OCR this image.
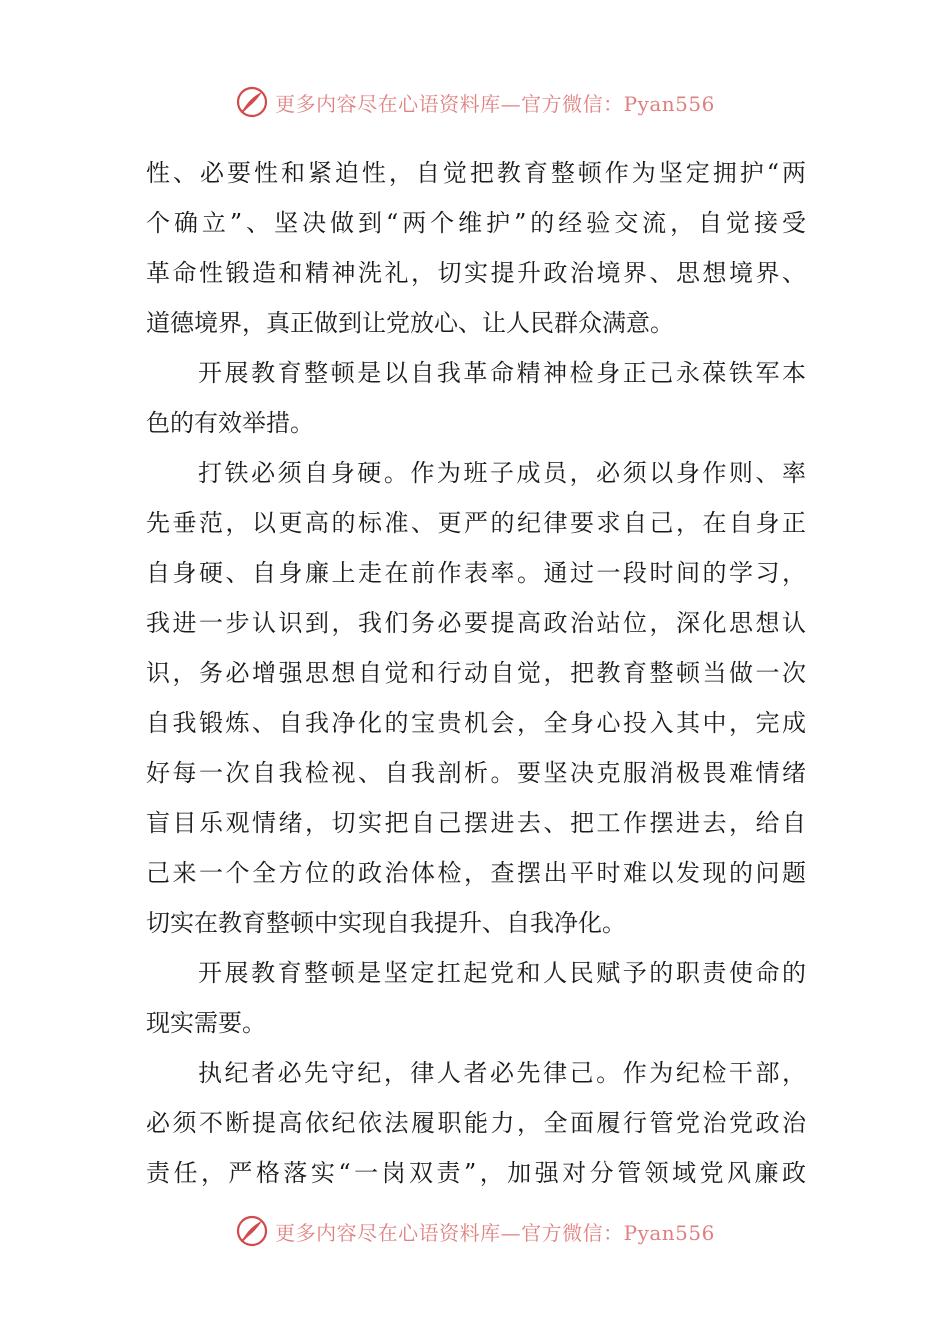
更多内容尽在心语资料库—官方微信：Pyan556
性、必要性和紧迫性，自觉把教育整顿作为坚定拥护“两
个确立”、坚决做到“两个维护”的经验交流，自觉接受
革命性锻造和精神洗礼，切实提升政治境界、思想境界、
道德境界，真正做到让党放心、让人民群众满意。
开展教育整顿是以自我革命精神检身正己永葆铁军本
色的有效举措。
打铁必须自身硬。作为班子成员，必须以身作则、率
先垂范，以更高的标准、更严的纪律要求自己，在自身正
自身硬、自身廉上走在前作表率。通过一段时间的学习，
我进一步认识到，我们务必要提高政治站位，深化思想认
识，务必增强思想自觉和行动自觉，把教育整顿当做一次
自我锻炼、自我净化的宝贵机会，全身心投入其中，完成
好每一次自我检视、自我剖析。要坚决克服消极畏难情绪
盲目乐观情绪，切实把自己摆进去、把工作摆进去，给自
己来一个全方位的政治体检，查摆出平时难以发现的问题
切实在教育整顿中实现自我提升、自我净化。
开展教育整顿是坚定扛起党和人民赋予的职责使命的
现实需要。
执纪者必先守纪，律人者必先律己。作为纪检干部，
必须不断提高依纪依法履职能力，全面履行管党治党政治
责任，严格落实“一岗双责”，加强对分管领域党风廉政
更多内容尽在心语资料库—官方微信：Pyan556
